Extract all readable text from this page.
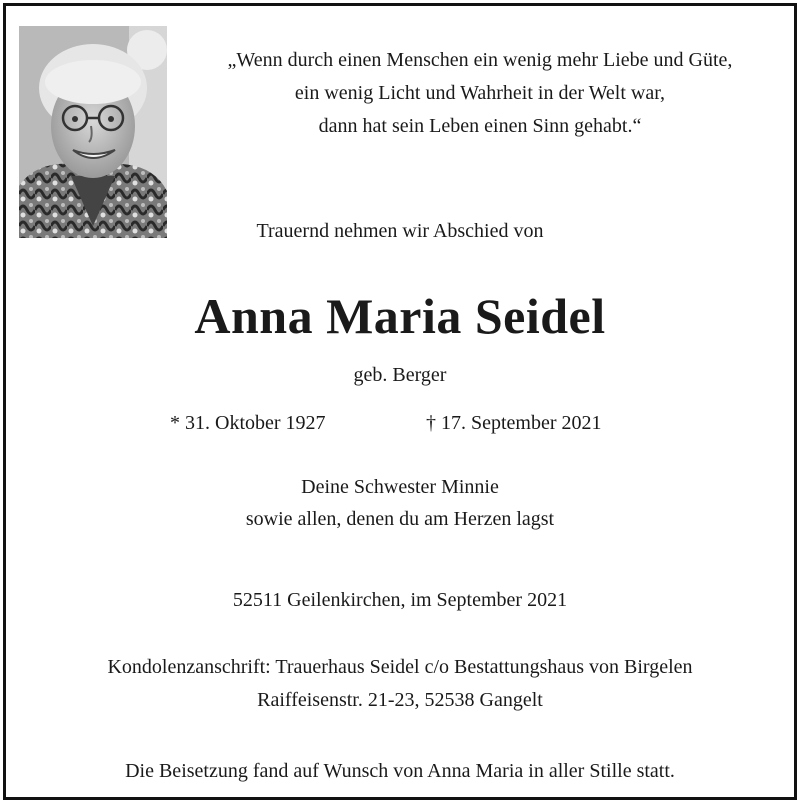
„Wenn durch einen Menschen ein wenig mehr Liebe und Güte,
ein wenig Licht und Wahrheit in der Welt war,
dann hat sein Leben einen Sinn gehabt.“
Trauernd nehmen wir Abschied von
Anna Maria Seidel
geb. Berger
* 31. Oktober 1927	† 17. September 2021
Deine Schwester Minnie
sowie allen, denen du am Herzen lagst
52511 Geilenkirchen, im September 2021
Kondolenzanschrift: Trauerhaus Seidel c/o Bestattungshaus von Birgelen
Raiffeisenstr. 21-23, 52538 Gangelt
Die Beisetzung fand auf Wunsch von Anna Maria in aller Stille statt.
